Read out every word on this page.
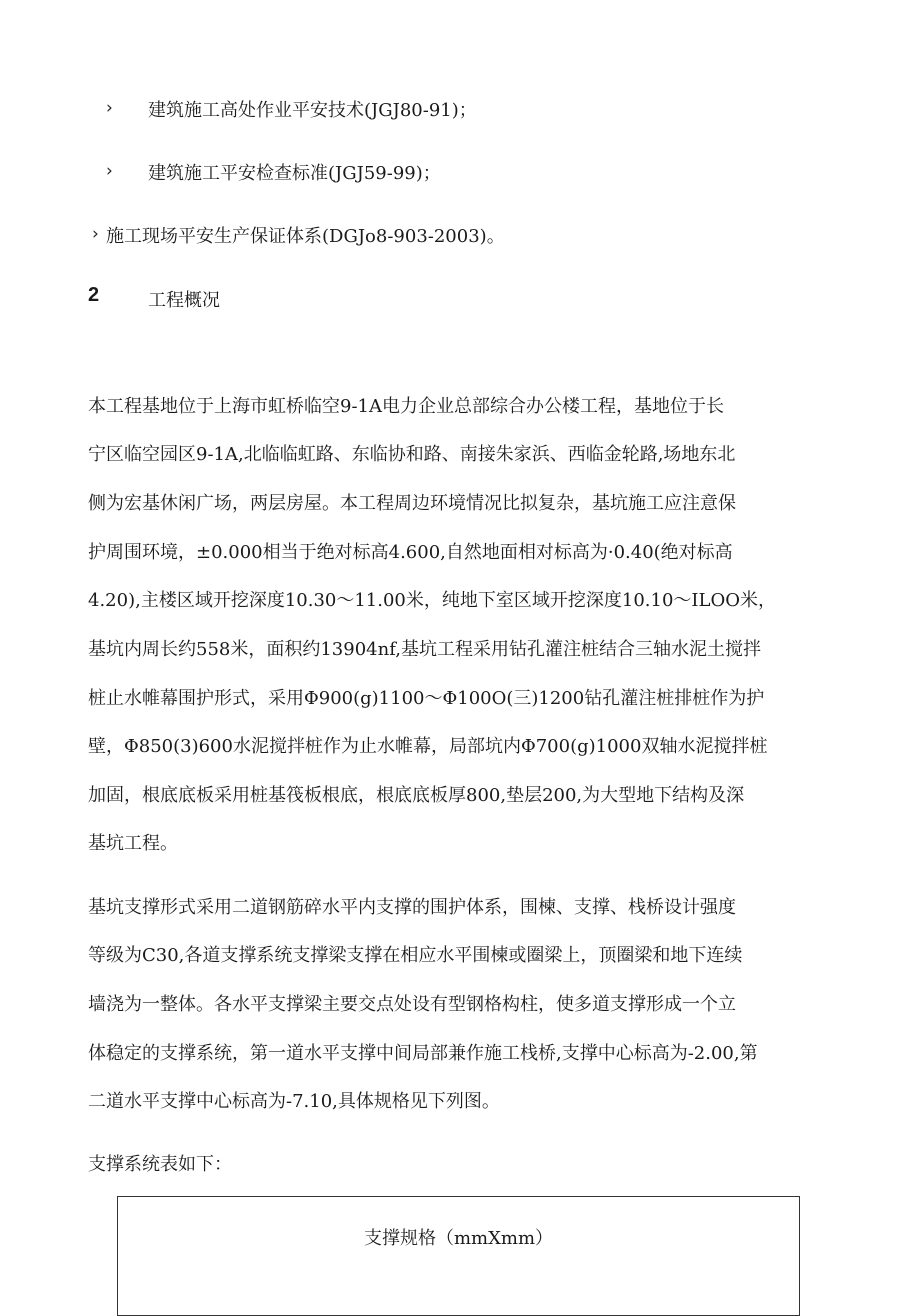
› 建筑施工高处作业平安技术(JGJ80-91)；
› 建筑施工平安检查标准(JGJ59-99)；
› 施工现场平安生产保证体系(DGJo8-903-2003)。
2	工程概况
本工程基地位于上海市虹桥临空9-1A电力企业总部综合办公楼工程，基地位于长
宁区临空园区9-1A,北临临虹路、东临协和路、南接朱家浜、西临金轮路,场地东北
侧为宏基休闲广场，两层房屋。本工程周边环境情况比拟复杂，基坑施工应注意保
护周围环境，±0.000相当于绝对标高4.600,自然地面相对标高为·0.40(绝对标高
4.20),主楼区域开挖深度10.30～11.00米，纯地下室区域开挖深度10.10～ILOO米，
基坑内周长约558米，面积约13904nf,基坑工程采用钻孔灌注桩结合三轴水泥土搅拌
桩止水帷幕围护形式，采用Φ900(g)1100～Φ100O(三)1200钻孔灌注桩排桩作为护
壁，Φ850(3)600水泥搅拌桩作为止水帷幕，局部坑内Φ700(g)1000双轴水泥搅拌桩
加固，根底底板采用桩基筏板根底，根底底板厚800,垫层200,为大型地下结构及深
基坑工程。
基坑支撑形式采用二道钢筋碎水平内支撑的围护体系，围楝、支撑、栈桥设计强度
等级为C30,各道支撑系统支撑梁支撑在相应水平围楝或圈梁上，顶圈梁和地下连续
墙浇为一整体。各水平支撑梁主要交点处设有型钢格构柱，使多道支撑形成一个立
体稳定的支撑系统，第一道水平支撑中间局部兼作施工栈桥,支撑中心标高为-2.00,第
二道水平支撑中心标高为-7.10,具体规格见下列图。
支撑系统表如下：
支撑规格（mmXmm）
